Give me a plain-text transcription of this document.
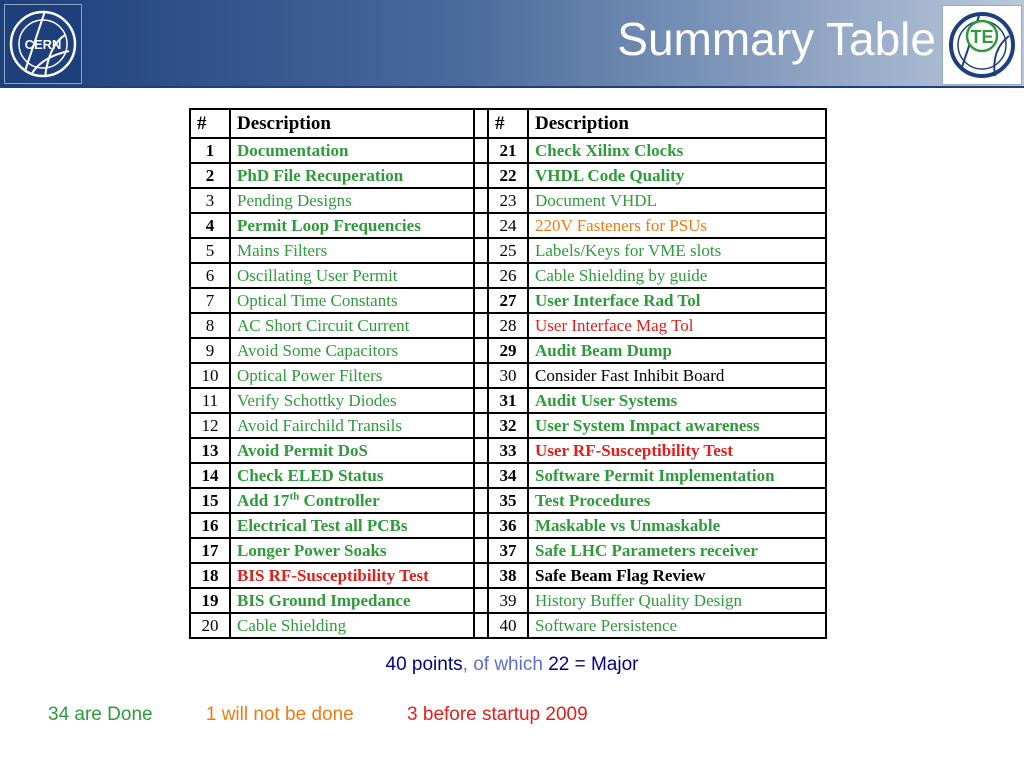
CERN	Summary Table TE
#	Description		#	Description
1	Documentation		21	Check Xilinx Clocks
2	PhD File Recuperation		22	VHDL Code Quality
3	Pending Designs		23	Document VHDL
4	Permit Loop Frequencies		24	220V Fasteners for PSUs
5	Mains Filters		25	Labels/Keys for VME slots
6	Oscillating User Permit		26	Cable Shielding by guide
7	Optical Time Constants		27	User Interface Rad Tol
8	AC Short Circuit Current		28	User Interface Mag Tol
9	Avoid Some Capacitors		29	Audit Beam Dump
10	Optical Power Filters		30	Consider Fast Inhibit Board
11	Verify Schottky Diodes		31	Audit User Systems
12	Avoid Fairchild Transils		32	User System Impact awareness
13	Avoid Permit DoS		33	User RF-Susceptibility Test
14	Check ELED Status		34	Software Permit Implementation
15	Add 17th Controller		35	Test Procedures
16	Electrical Test all PCBs		36	Maskable vs Unmaskable
17	Longer Power Soaks		37	Safe LHC Parameters receiver
18	BIS RF-Susceptibility Test		38	Safe Beam Flag Review
19	BIS Ground Impedance		39	History Buffer Quality Design
20	Cable Shielding		40	Software Persistence
40 points, of which 22 = Major
34 are Done	1 will not be done	3 before startup 2009
